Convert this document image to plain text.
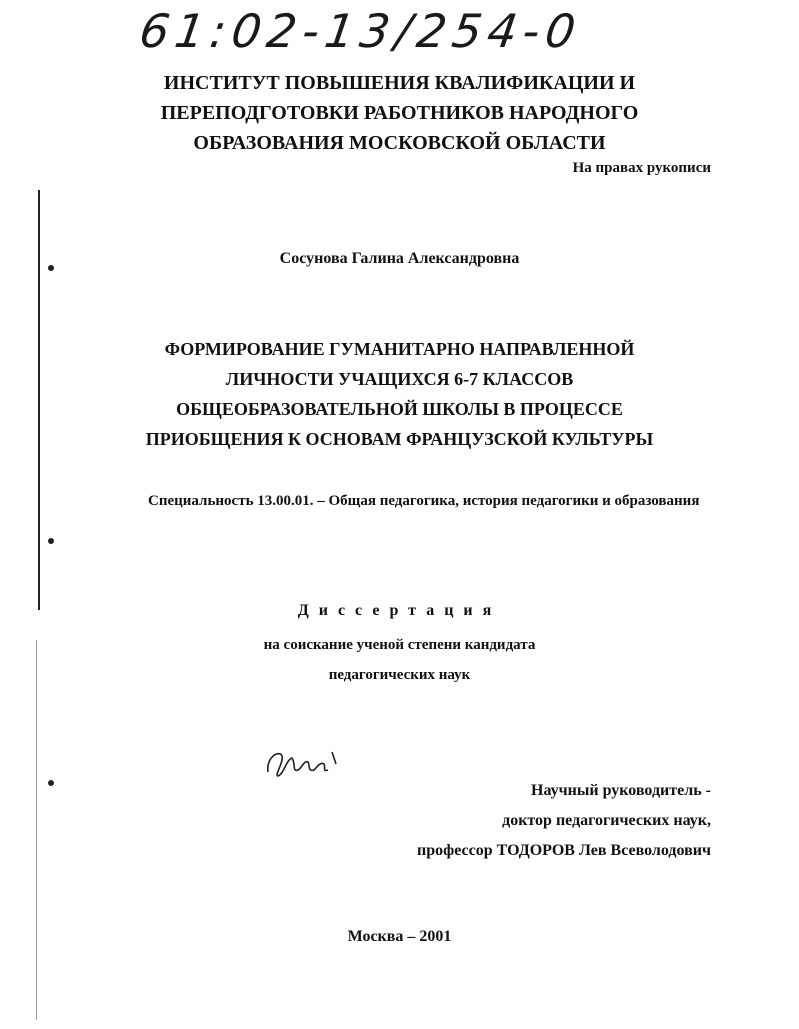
61:02-13/254-0
ИНСТИТУТ ПОВЫШЕНИЯ КВАЛИФИКАЦИИ И
ПЕРЕПОДГОТОВКИ РАБОТНИКОВ НАРОДНОГО
ОБРАЗОВАНИЯ МОСКОВСКОЙ ОБЛАСТИ
На правах рукописи
Сосунова Галина Александровна
ФОРМИРОВАНИЕ ГУМАНИТАРНО НАПРАВЛЕННОЙ
ЛИЧНОСТИ УЧАЩИХСЯ 6-7 КЛАССОВ
ОБЩЕОБРАЗОВАТЕЛЬНОЙ ШКОЛЫ В ПРОЦЕССЕ
ПРИОБЩЕНИЯ К ОСНОВАМ ФРАНЦУЗСКОЙ КУЛЬТУРЫ
Специальность 13.00.01. – Общая педагогика, история педагогики и образования
Диссертация
на соискание ученой степени кандидата
педагогических наук
Научный руководитель -
доктор педагогических наук,
профессор ТОДОРОВ Лев Всеволодович
Москва – 2001
